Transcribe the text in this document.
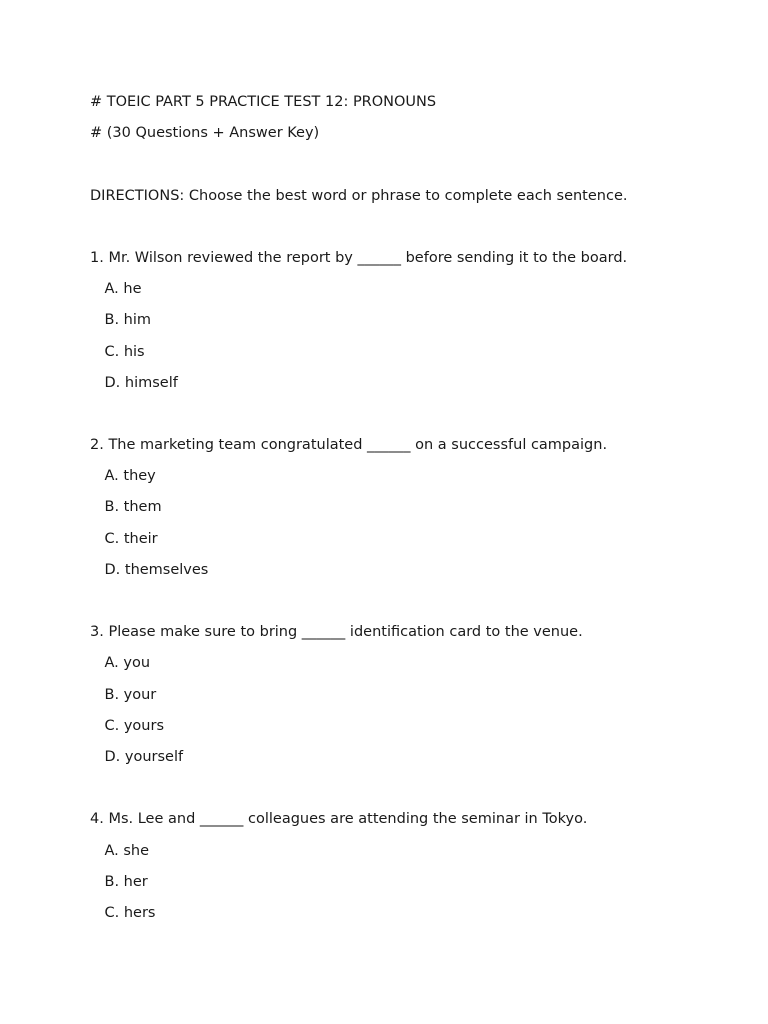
# TOEIC PART 5 PRACTICE TEST 12: PRONOUNS
# (30 Questions + Answer Key)
DIRECTIONS: Choose the best word or phrase to complete each sentence.
1. Mr. Wilson reviewed the report by ______ before sending it to the board.
A. he
B. him
C. his
D. himself
2. The marketing team congratulated ______ on a successful campaign.
A. they
B. them
C. their
D. themselves
3. Please make sure to bring ______ identification card to the venue.
A. you
B. your
C. yours
D. yourself
4. Ms. Lee and ______ colleagues are attending the seminar in Tokyo.
A. she
B. her
C. hers
